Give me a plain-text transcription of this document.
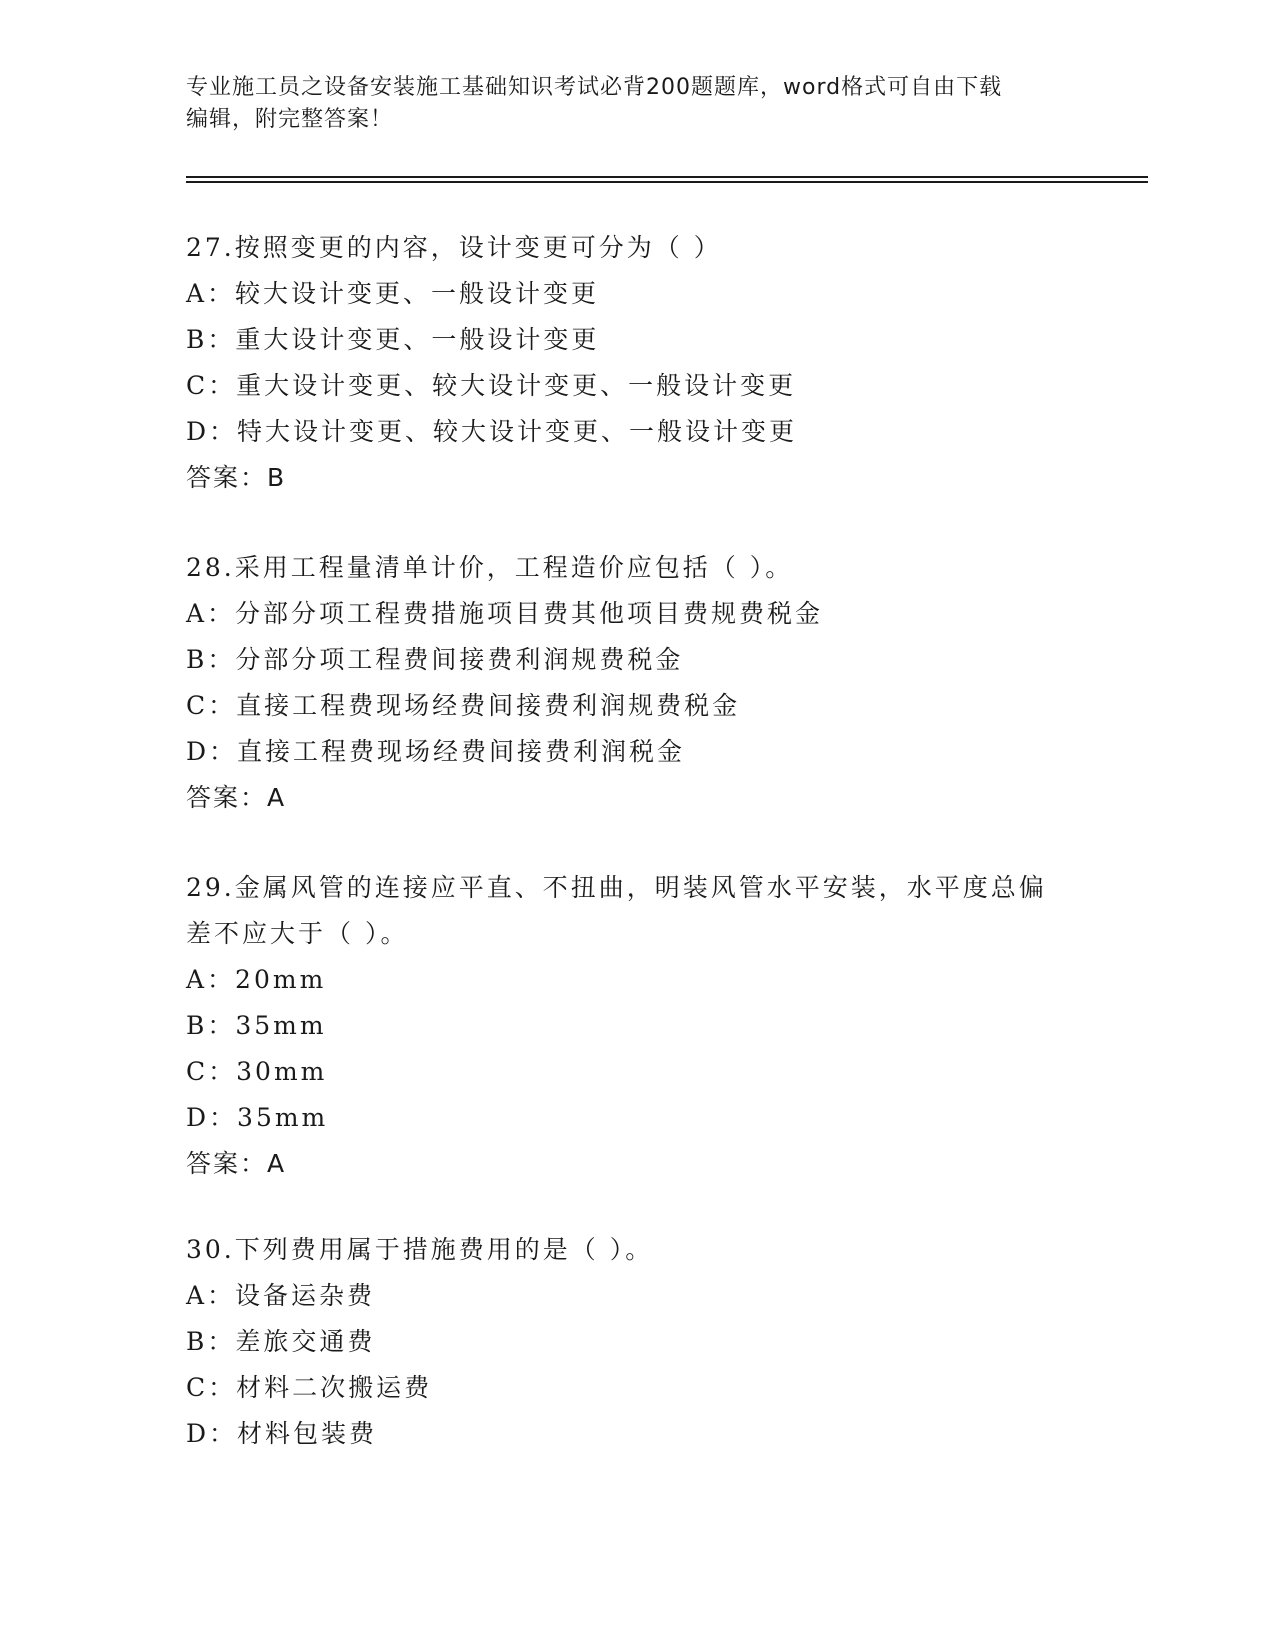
专业施工员之设备安装施工基础知识考试必背200题题库，word格式可自由下载
编辑，附完整答案！
27.按照变更的内容，设计变更可分为（ ）
A：较大设计变更、一般设计变更
B：重大设计变更、一般设计变更
C：重大设计变更、较大设计变更、一般设计变更
D：特大设计变更、较大设计变更、一般设计变更
答案：B
28.采用工程量清单计价，工程造价应包括（ ）。
A：分部分项工程费措施项目费其他项目费规费税金
B：分部分项工程费间接费利润规费税金
C：直接工程费现场经费间接费利润规费税金
D：直接工程费现场经费间接费利润税金
答案：A
29.金属风管的连接应平直、不扭曲，明装风管水平安装，水平度总偏
差不应大于（ ）。
A：20mm
B：35mm
C：30mm
D：35mm
答案：A
30.下列费用属于措施费用的是（ ）。
A：设备运杂费
B：差旅交通费
C：材料二次搬运费
D：材料包装费
